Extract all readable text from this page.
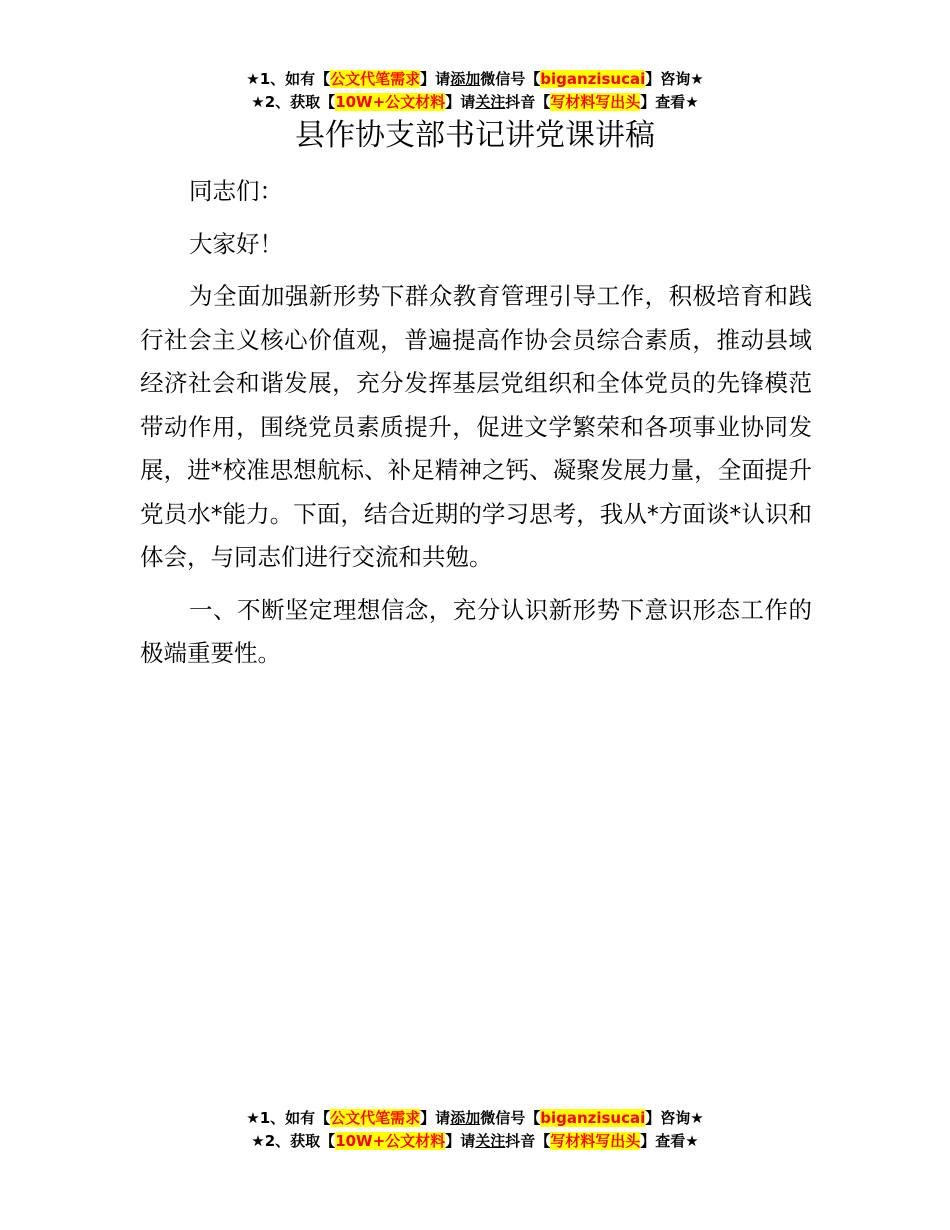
★1、如有【公文代笔需求】请添加微信号【biganzisucai】咨询★
★2、获取【10W+公文材料】请关注抖音【写材料写出头】查看★
县作协支部书记讲党课讲稿

同志们：

大家好！

为全面加强新形势下群众教育管理引导工作，积极培育和践行社会主义核心价值观，普遍提高作协会员综合素质，推动县域经济社会和谐发展，充分发挥基层党组织和全体党员的先锋模范带动作用，围绕党员素质提升，促进文学繁荣和各项事业协同发展，进*校准思想航标、补足精神之钙、凝聚发展力量，全面提升党员水*能力。下面，结合近期的学习思考，我从*方面谈*认识和体会，与同志们进行交流和共勉。

一、不断坚定理想信念，充分认识新形势下意识形态工作的极端重要性。

★1、如有【公文代笔需求】请添加微信号【biganzisucai】咨询★
★2、获取【10W+公文材料】请关注抖音【写材料写出头】查看★
